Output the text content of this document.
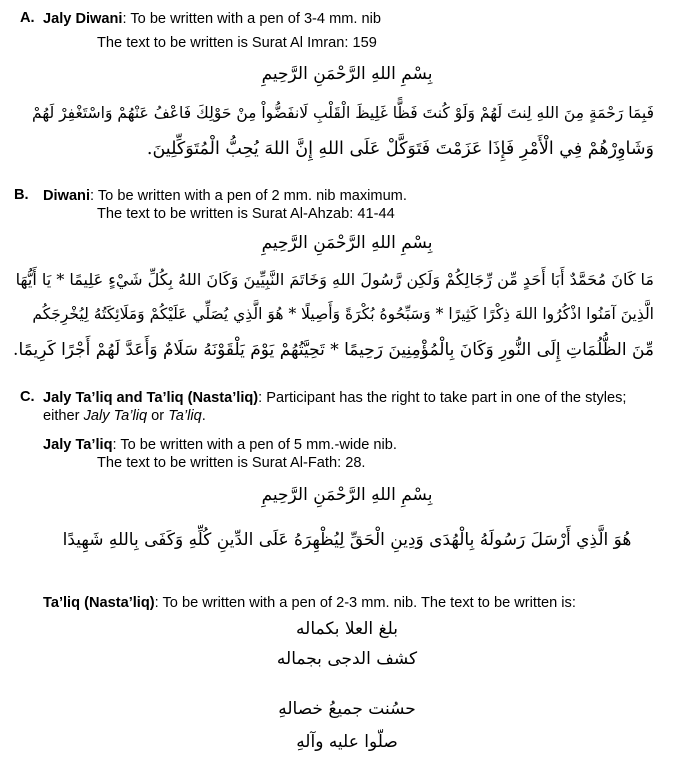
A. Jaly Diwani: To be written with a pen of 3-4 mm. nib
The text to be written is Surat Al Imran: 159
بِسْمِ اللهِ الرَّحْمَنِ الرَّحِيمِ
فَبِمَا رَحْمَةٍ مِنَ اللهِ لِنتَ لَهُمْ وَلَوْ كُنتَ فَظًّا غَلِيظَ الْقَلْبِ لَانفَضُّواْ مِنْ حَوْلِكَ فَاعْفُ عَنْهُمْ وَاسْتَغْفِرْ لَهُمْ
وَشَاوِرْهُمْ فِي الْأَمْرِ فَإِذَا عَزَمْتَ فَتَوَكَّلْ عَلَى اللهِ إِنَّ اللهَ يُحِبُّ الْمُتَوَكِّلِينَ.
B. Diwani: To be written with a pen of 2 mm. nib maximum.
The text to be written is Surat Al-Ahzab: 41-44
بِسْمِ اللهِ الرَّحْمَنِ الرَّحِيمِ
مَا كَانَ مُحَمَّدٌ أَبَا أَحَدٍ مِّن رِّجَالِكُمْ وَلَكِن رَّسُولَ اللهِ وَخَاتَمَ النَّبِيِّينَ وَكَانَ اللهُ بِكُلِّ شَيْءٍ عَلِيمًا * يَا أَيُّهَا
الَّذِينَ آمَنُوا اذْكُرُوا اللهَ ذِكْرًا كَثِيرًا * وَسَبِّحُوهُ بُكْرَةً وَأَصِيلًا * هُوَ الَّذِي يُصَلِّي عَلَيْكُمْ وَمَلَائِكَتُهُ لِيُخْرِجَكُم
مِّنَ الظُّلُمَاتِ إِلَى النُّورِ وَكَانَ بِالْمُؤْمِنِينَ رَحِيمًا * تَحِيَّتُهُمْ يَوْمَ يَلْقَوْنَهُ سَلَامٌ وَأَعَدَّ لَهُمْ أَجْرًا كَرِيمًا.
C. Jaly Ta’liq and Ta’liq (Nasta’liq): Participant has the right to take part in one of the styles;
either Jaly Ta’liq or Ta’liq.
Jaly Ta’liq: To be written with a pen of 5 mm.-wide nib.
The text to be written is Surat Al-Fath: 28.
بِسْمِ اللهِ الرَّحْمَنِ الرَّحِيمِ
هُوَ الَّذِي أَرْسَلَ رَسُولَهُ بِالْهُدَى وَدِينِ الْحَقِّ لِيُظْهِرَهُ عَلَى الدِّينِ كُلِّهِ وَكَفَى بِاللهِ شَهِيدًا
Ta’liq (Nasta’liq): To be written with a pen of 2-3 mm. nib. The text to be written is:
بلغ العلا بكماله
كشف الدجى بجماله
حسُنت جميعُ خصالهِ
صلّوا عليه وآلهِ
